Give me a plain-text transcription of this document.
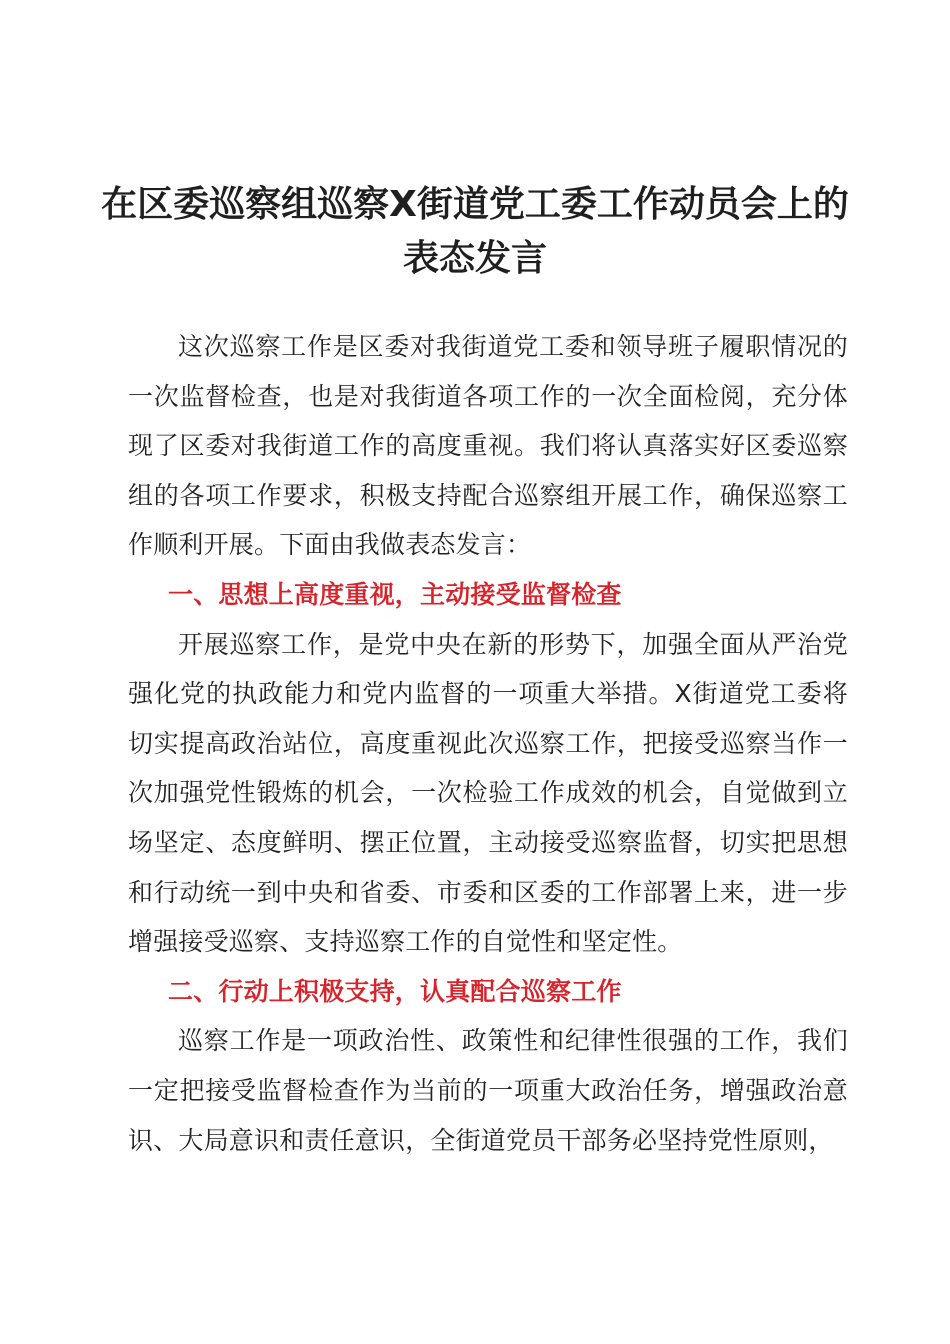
在区委巡察组巡察X街道党工委工作动员会上的
表态发言

这次巡察工作是区委对我街道党工委和领导班子履职情况的一次监督检查，也是对我街道各项工作的一次全面检阅，充分体现了区委对我街道工作的高度重视。我们将认真落实好区委巡察组的各项工作要求，积极支持配合巡察组开展工作，确保巡察工作顺利开展。下面由我做表态发言：

一、思想上高度重视，主动接受监督检查

开展巡察工作，是党中央在新的形势下，加强全面从严治党强化党的执政能力和党内监督的一项重大举措。X街道党工委将切实提高政治站位，高度重视此次巡察工作，把接受巡察当作一次加强党性锻炼的机会，一次检验工作成效的机会，自觉做到立场坚定、态度鲜明、摆正位置，主动接受巡察监督，切实把思想和行动统一到中央和省委、市委和区委的工作部署上来，进一步增强接受巡察、支持巡察工作的自觉性和坚定性。

二、行动上积极支持，认真配合巡察工作

巡察工作是一项政治性、政策性和纪律性很强的工作，我们一定把接受监督检查作为当前的一项重大政治任务，增强政治意识、大局意识和责任意识，全街道党员干部务必坚持党性原则，
